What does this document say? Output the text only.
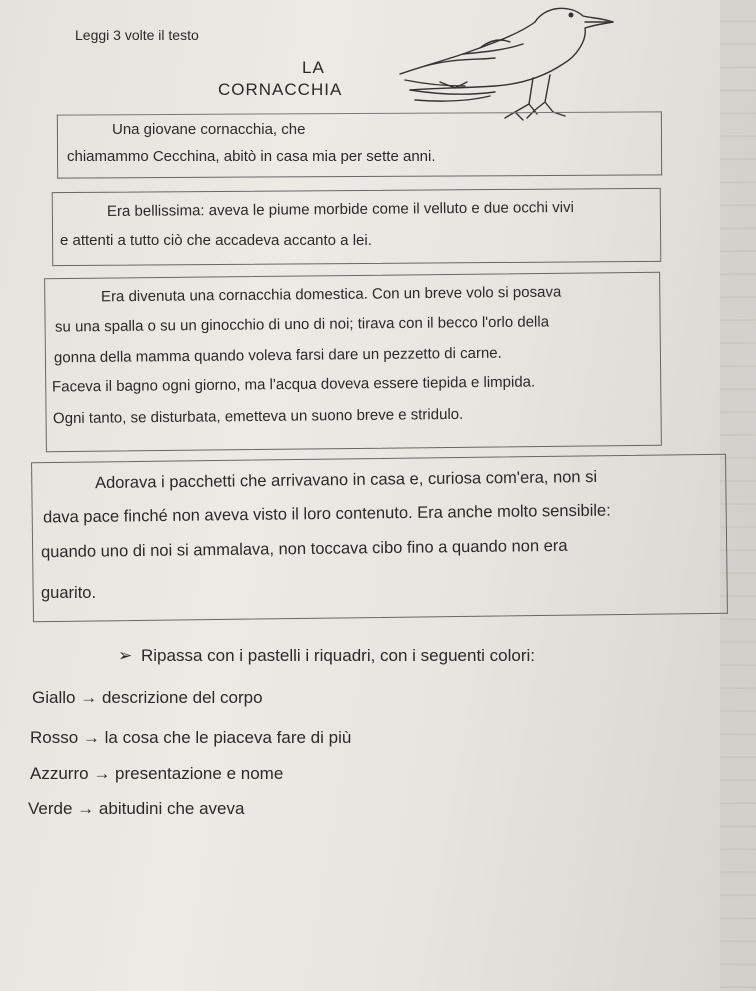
Leggi 3 volte il testo
LA
CORNACCHIA
Una giovane cornacchia, che
chiamammo Cecchina, abitò in casa mia per sette anni.
Era bellissima: aveva le piume morbide come il velluto e due occhi vivi
e attenti a tutto ciò che accadeva accanto a lei.
Era divenuta una cornacchia domestica. Con un breve volo si posava
su una spalla o su un ginocchio di uno di noi; tirava con il becco l'orlo della
gonna della mamma quando voleva farsi dare un pezzetto di carne.
Faceva il bagno ogni giorno, ma l'acqua doveva essere tiepida e limpida.
Ogni tanto, se disturbata, emetteva un suono breve e stridulo.
Adorava i pacchetti che arrivavano in casa e, curiosa com'era, non si
dava pace finché non aveva visto il loro contenuto. Era anche molto sensibile:
quando uno di noi si ammalava, non toccava cibo fino a quando non era
guarito.
➢ Ripassa con i pastelli i riquadri, con i seguenti colori:
Giallo → descrizione del corpo
Rosso → la cosa che le piaceva fare di più
Azzurro → presentazione e nome
Verde → abitudini che aveva
